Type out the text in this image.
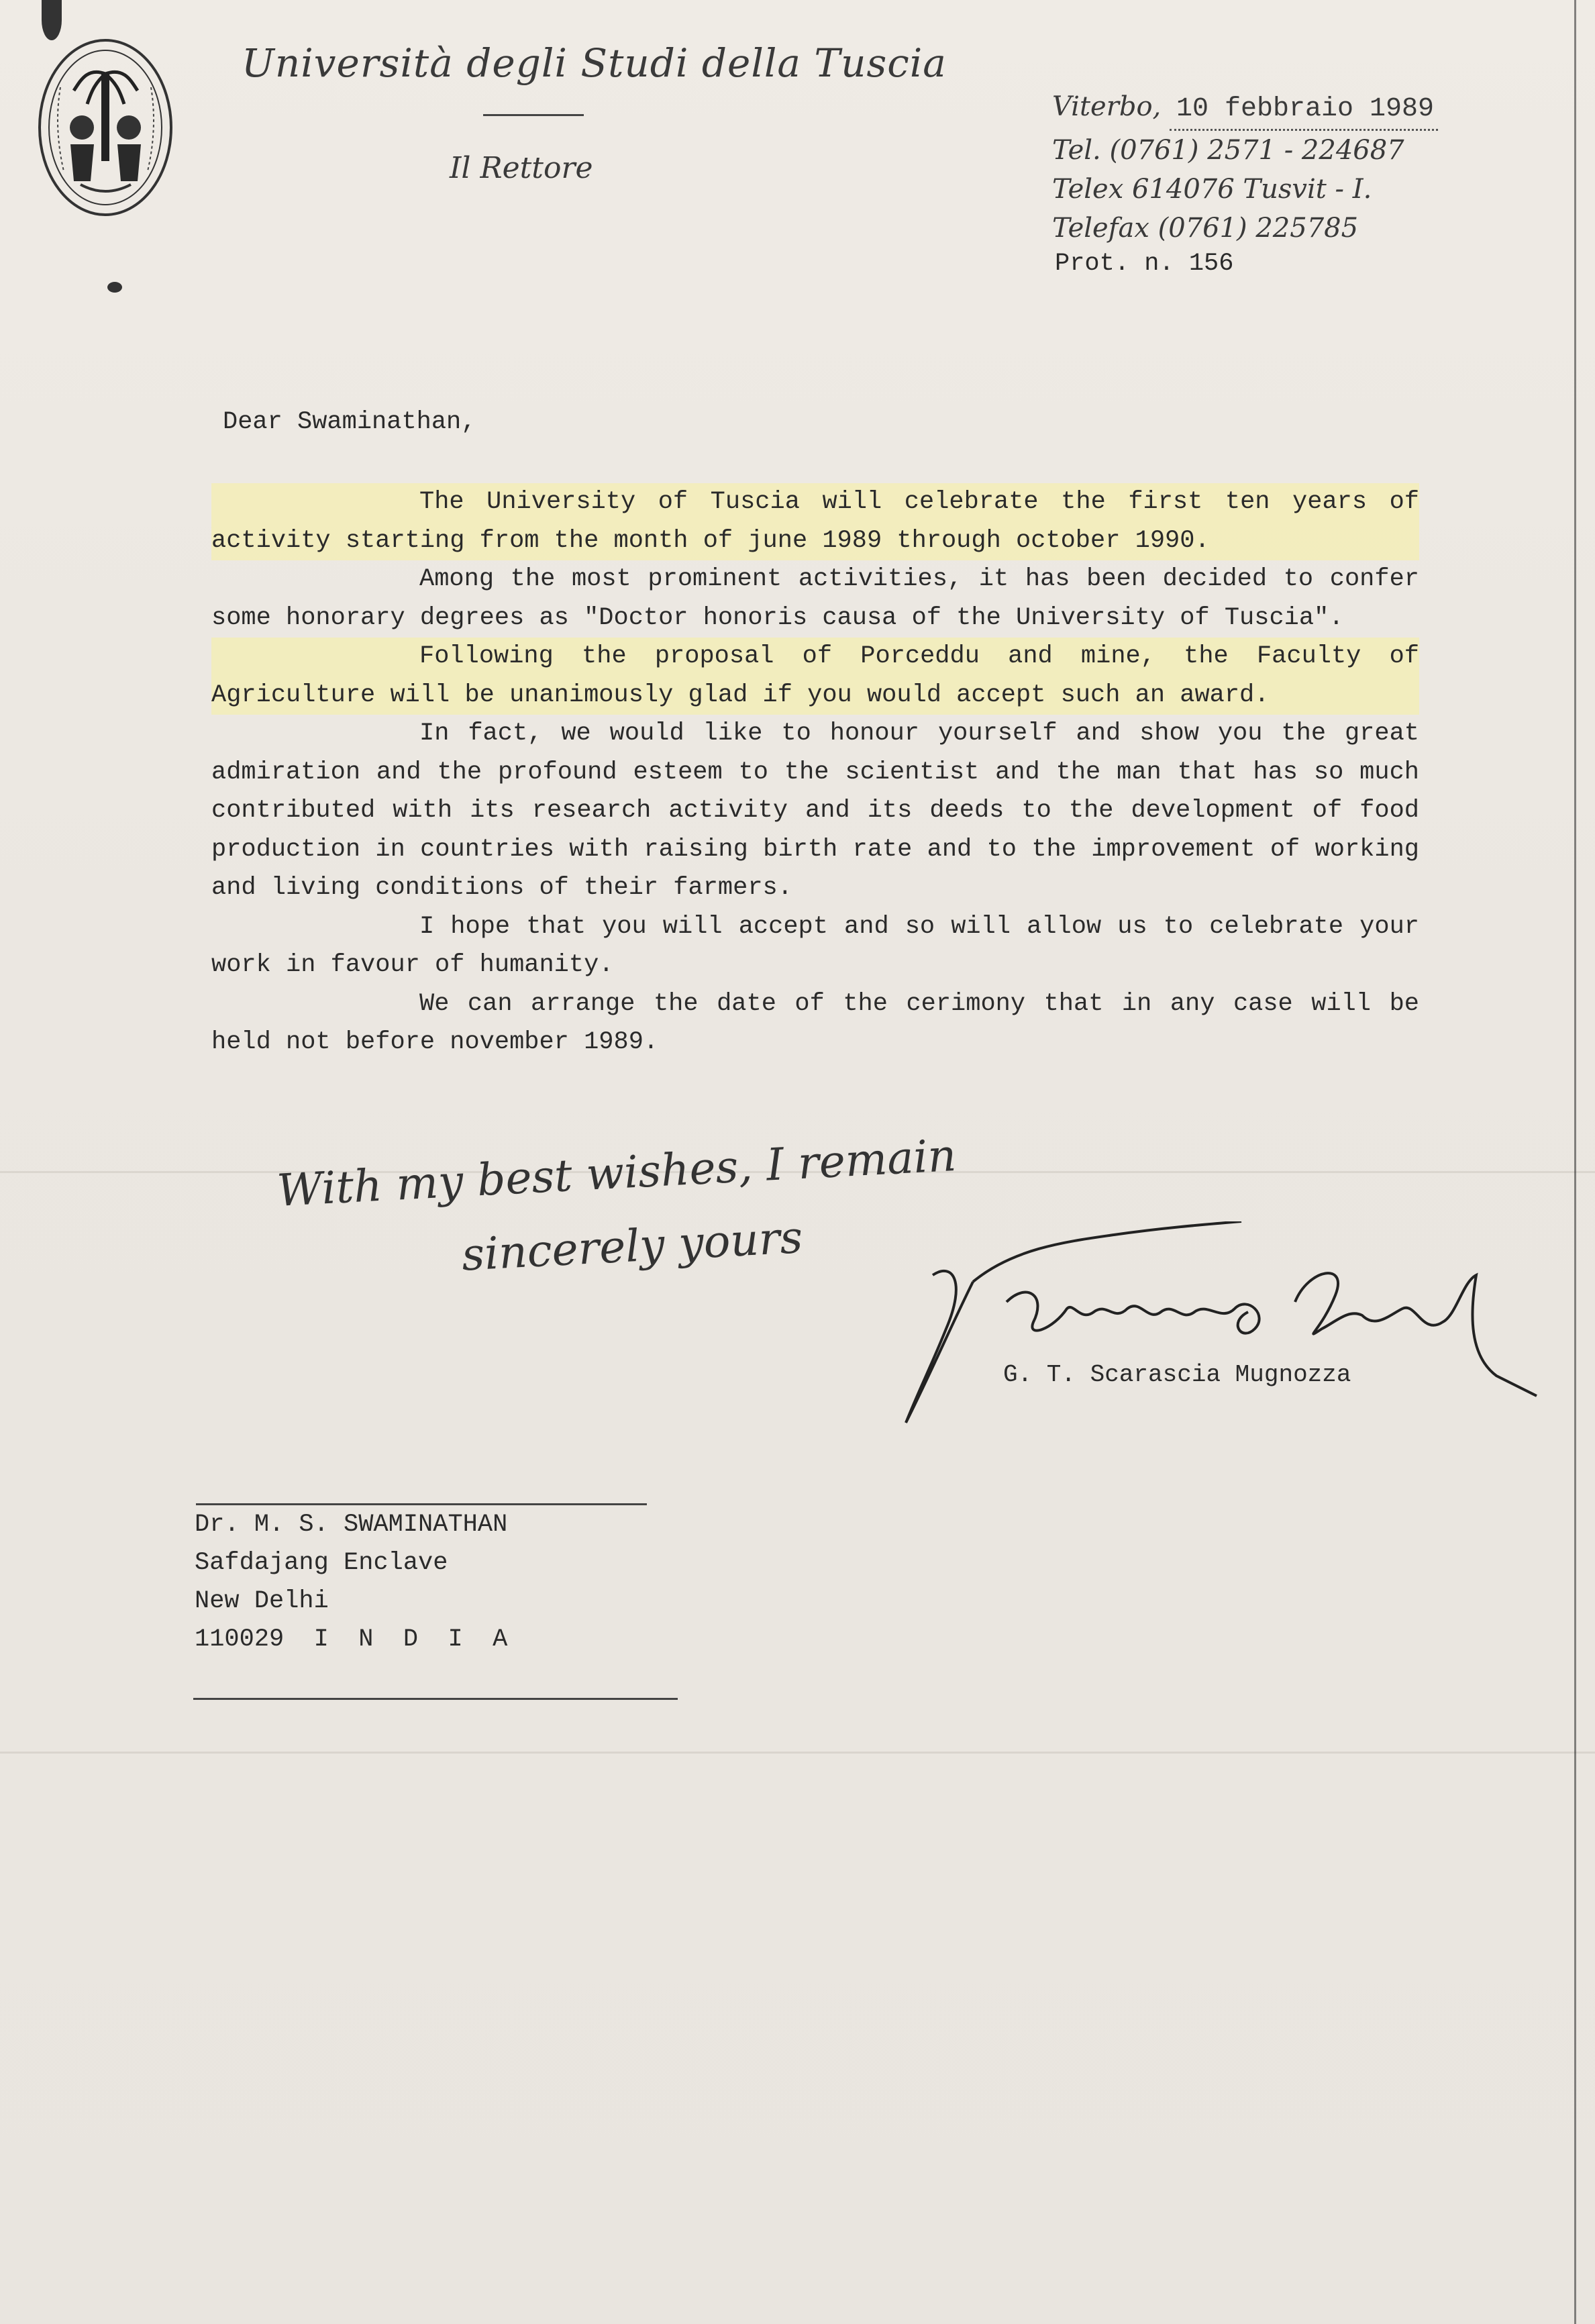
Università degli Studi della Tuscia
Il Rettore
Viterbo, 10 febbraio 1989
Tel. (0761) 2571 - 224687
Telex 614076 Tusvit - I.
Telefax (0761) 225785
Prot. n. 156
Dear Swaminathan,

The University of Tuscia will celebrate the first ten years of activity starting from the month of june 1989 through october 1990.

Among the most prominent activities, it has been decided to confer some honorary degrees as "Doctor honoris causa of the University of Tuscia".

Following the proposal of Porceddu and mine, the Faculty of Agriculture will be unanimously glad if you would accept such an award.

In fact, we would like to honour yourself and show you the great admiration and the profound esteem to the scientist and the man that has so much contributed with its research activity and its deeds to the development of food production in countries with raising birth rate and to the improvement of working and living conditions of their farmers.

I hope that you will accept and so will allow us to celebrate your work in favour of humanity.

We can arrange the date of the cerimony that in any case will be held not before november 1989.

With my best wishes, I remain
sincerely yours
G. T. Scarascia Mugnozza
Dr. M. S. SWAMINATHAN
Safdajang Enclave
New Delhi
110029  I  N  D  I  A
